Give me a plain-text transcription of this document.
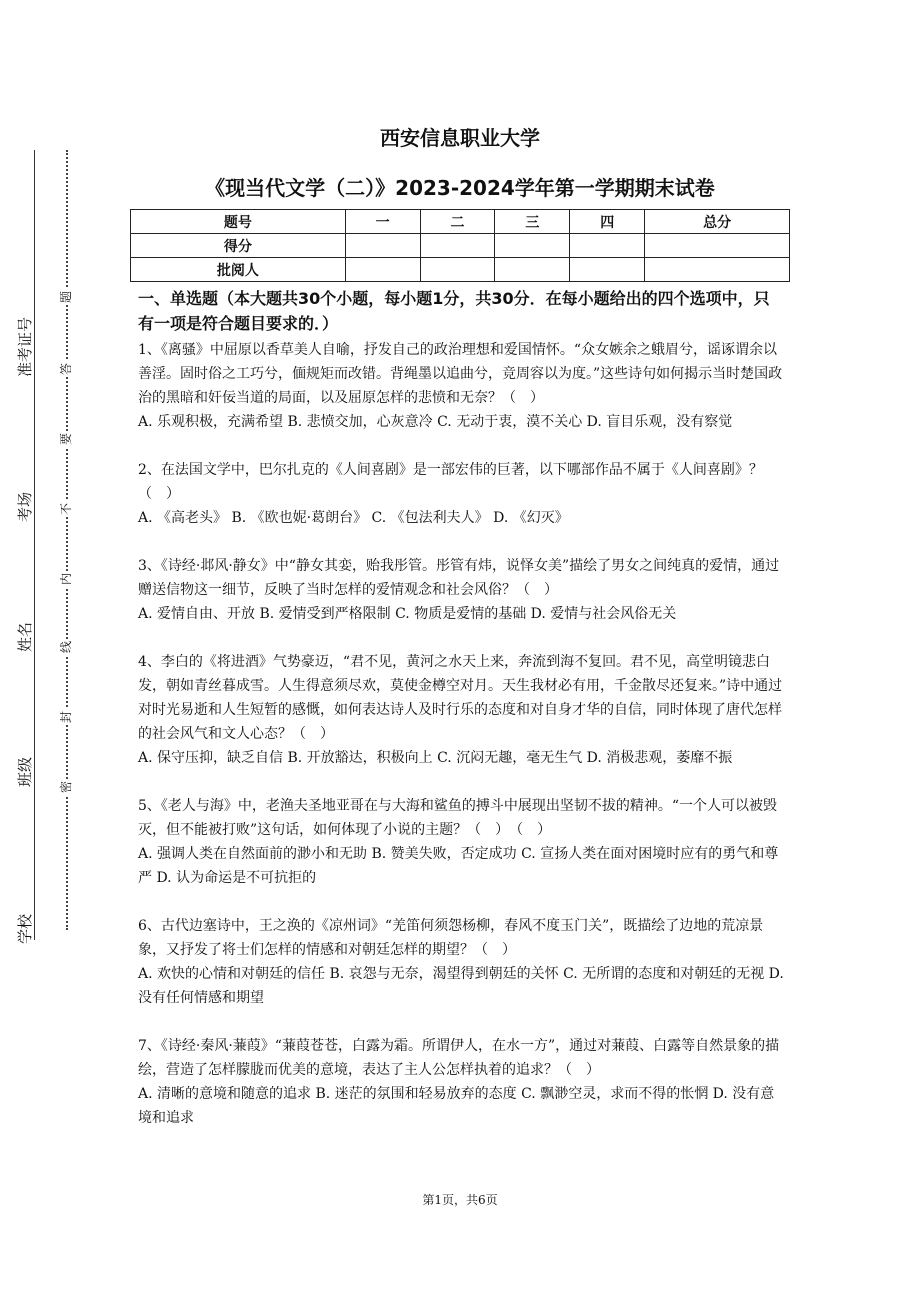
准考证号
考场
姓名
班级
学校
题
答
要
不
内
线
封
密
西安信息职业大学
《现当代文学（二）》2023-2024学年第一学期期末试卷
题号	一	二	三	四	总分
得分					
批阅人					
一、单选题（本大题共30个小题，每小题1分，共30分．在每小题给出的四个选项中，只有一项是符合题目要求的．）

1、《离骚》中屈原以香草美人自喻，抒发自己的政治理想和爱国情怀。“众女嫉余之蛾眉兮，谣诼谓余以善淫。固时俗之工巧兮，偭规矩而改错。背绳墨以追曲兮，竞周容以为度。”这些诗句如何揭示当时楚国政治的黑暗和奸佞当道的局面，以及屈原怎样的悲愤和无奈？（　）

A. 乐观积极，充满希望 B. 悲愤交加，心灰意冷 C. 无动于衷，漠不关心 D. 盲目乐观，没有察觉

2、在法国文学中，巴尔扎克的《人间喜剧》是一部宏伟的巨著，以下哪部作品不属于《人间喜剧》？（　）

A. 《高老头》 B. 《欧也妮·葛朗台》 C. 《包法利夫人》 D. 《幻灭》

3、《诗经·邶风·静女》中“静女其娈，贻我彤管。彤管有炜，说怿女美”描绘了男女之间纯真的爱情，通过赠送信物这一细节，反映了当时怎样的爱情观念和社会风俗？（　）

A. 爱情自由、开放 B. 爱情受到严格限制 C. 物质是爱情的基础 D. 爱情与社会风俗无关

4、李白的《将进酒》气势豪迈，“君不见，黄河之水天上来，奔流到海不复回。君不见，高堂明镜悲白发，朝如青丝暮成雪。人生得意须尽欢，莫使金樽空对月。天生我材必有用，千金散尽还复来。”诗中通过对时光易逝和人生短暂的感慨，如何表达诗人及时行乐的态度和对自身才华的自信，同时体现了唐代怎样的社会风气和文人心态？（　）

A. 保守压抑，缺乏自信 B. 开放豁达，积极向上 C. 沉闷无趣，毫无生气 D. 消极悲观，萎靡不振

5、《老人与海》中，老渔夫圣地亚哥在与大海和鲨鱼的搏斗中展现出坚韧不拔的精神。“一个人可以被毁灭，但不能被打败”这句话，如何体现了小说的主题？（　）　（　）

A. 强调人类在自然面前的渺小和无助 B. 赞美失败，否定成功 C. 宣扬人类在面对困境时应有的勇气和尊严 D. 认为命运是不可抗拒的

6、古代边塞诗中，王之涣的《凉州词》“羌笛何须怨杨柳，春风不度玉门关”，既描绘了边地的荒凉景象，又抒发了将士们怎样的情感和对朝廷怎样的期望？（　）

A. 欢快的心情和对朝廷的信任 B. 哀怨与无奈，渴望得到朝廷的关怀 C. 无所谓的态度和对朝廷的无视 D. 没有任何情感和期望

7、《诗经·秦风·蒹葭》“蒹葭苍苍，白露为霜。所谓伊人，在水一方”，通过对蒹葭、白露等自然景象的描绘，营造了怎样朦胧而优美的意境，表达了主人公怎样执着的追求？（　）

A. 清晰的意境和随意的追求 B. 迷茫的氛围和轻易放弃的态度 C. 飘渺空灵，求而不得的怅惘 D. 没有意境和追求

第1页，共6页
